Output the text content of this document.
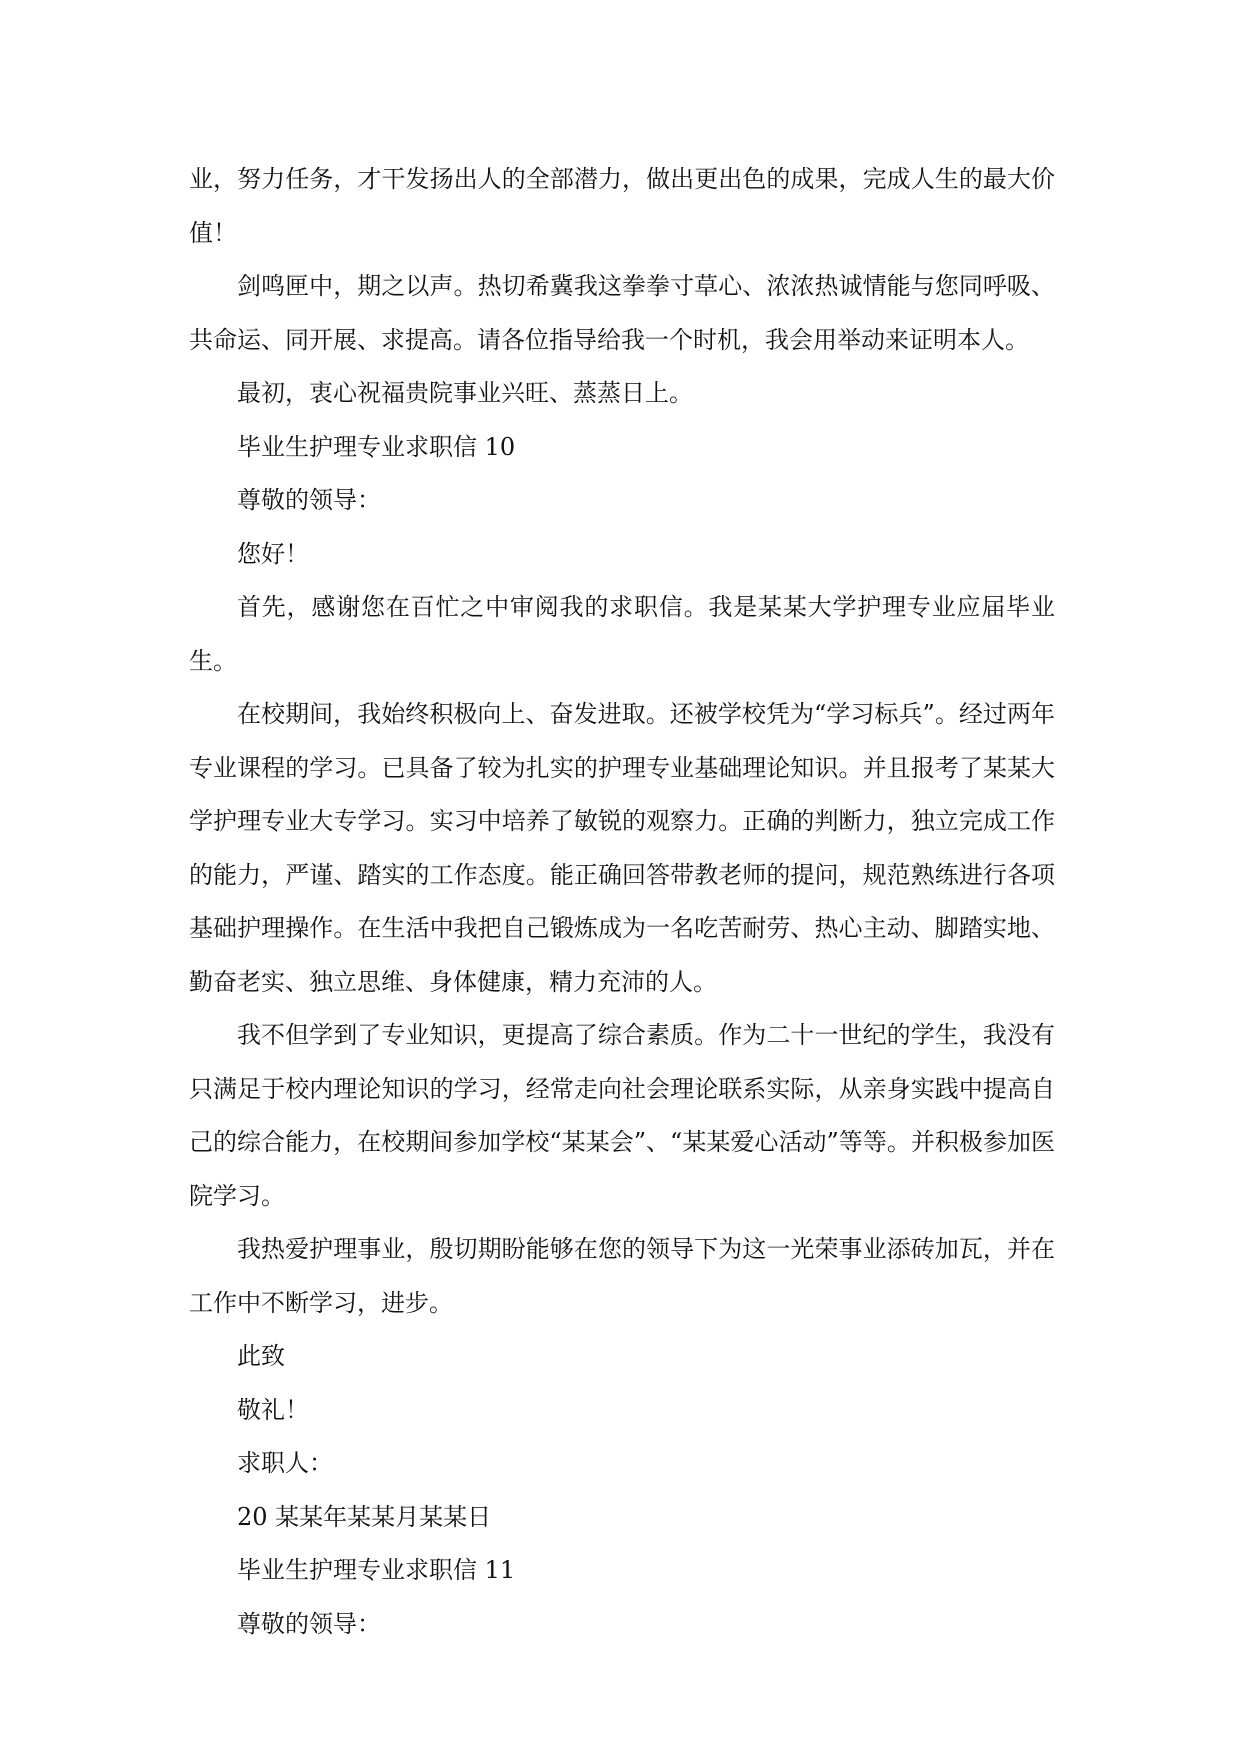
业，努力任务，才干发扬出人的全部潜力，做出更出色的成果，完成人生的最大价值！

剑鸣匣中，期之以声。热切希冀我这拳拳寸草心、浓浓热诚情能与您同呼吸、共命运、同开展、求提高。请各位指导给我一个时机，我会用举动来证明本人。

最初，衷心祝福贵院事业兴旺、蒸蒸日上。

毕业生护理专业求职信 10

尊敬的领导：

您好！

首先，感谢您在百忙之中审阅我的求职信。我是某某大学护理专业应届毕业生。

在校期间，我始终积极向上、奋发进取。还被学校凭为“学习标兵”。经过两年专业课程的学习。已具备了较为扎实的护理专业基础理论知识。并且报考了某某大学护理专业大专学习。实习中培养了敏锐的观察力。正确的判断力，独立完成工作的能力，严谨、踏实的工作态度。能正确回答带教老师的提问，规范熟练进行各项基础护理操作。在生活中我把自己锻炼成为一名吃苦耐劳、热心主动、脚踏实地、勤奋老实、独立思维、身体健康，精力充沛的人。

我不但学到了专业知识，更提高了综合素质。作为二十一世纪的学生，我没有只满足于校内理论知识的学习，经常走向社会理论联系实际，从亲身实践中提高自己的综合能力，在校期间参加学校“某某会”、“某某爱心活动”等等。并积极参加医院学习。

我热爱护理事业，殷切期盼能够在您的领导下为这一光荣事业添砖加瓦，并在工作中不断学习，进步。

此致

敬礼！

求职人：

20 某某年某某月某某日

毕业生护理专业求职信 11

尊敬的领导：
